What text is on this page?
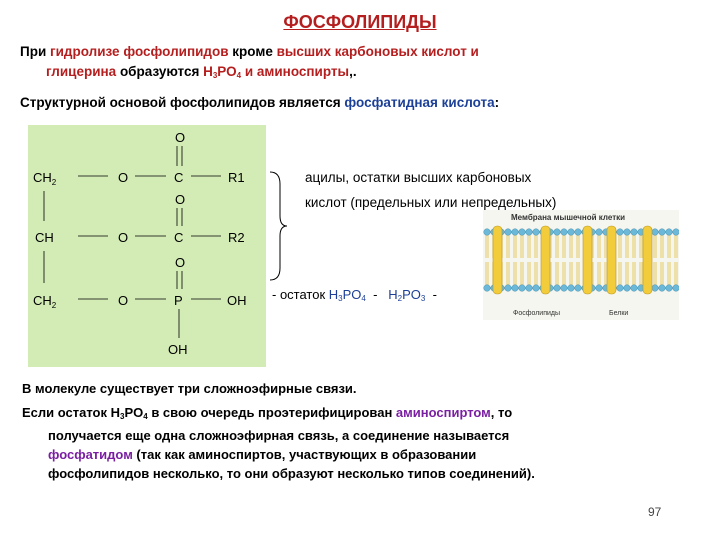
ФОСФОЛИПИДЫ
При гидролизе фосфолипидов кроме высших карбоновых кислот и
глицерина образуются $Н_3РО_4$ и аминоспирты,.
Структурной основой фосфолипидов является фосфатидная кислота:
$CH_2$	O	C	R1
O
CH	O	C	R2
O
$CH_2$	O	P	OH
O
OH
ацилы, остатки высших карбоновых
кислот (предельных или непредельных)
- остаток $H_3PO_4 - H_2PO_3$  -
Мембрана мышечной клетки
Фосфолипиды	Белки
В молекуле существует три сложноэфирные связи.
Если остаток $H_3PO_4$ в свою очередь проэтерифицирован аминоспиртом, то
получается еще одна сложноэфирная связь, а соединение называется
фосфатидом (так как аминоспиртов, участвующих в образовании
фосфолипидов несколько, то они образуют несколько типов соединений).
97
